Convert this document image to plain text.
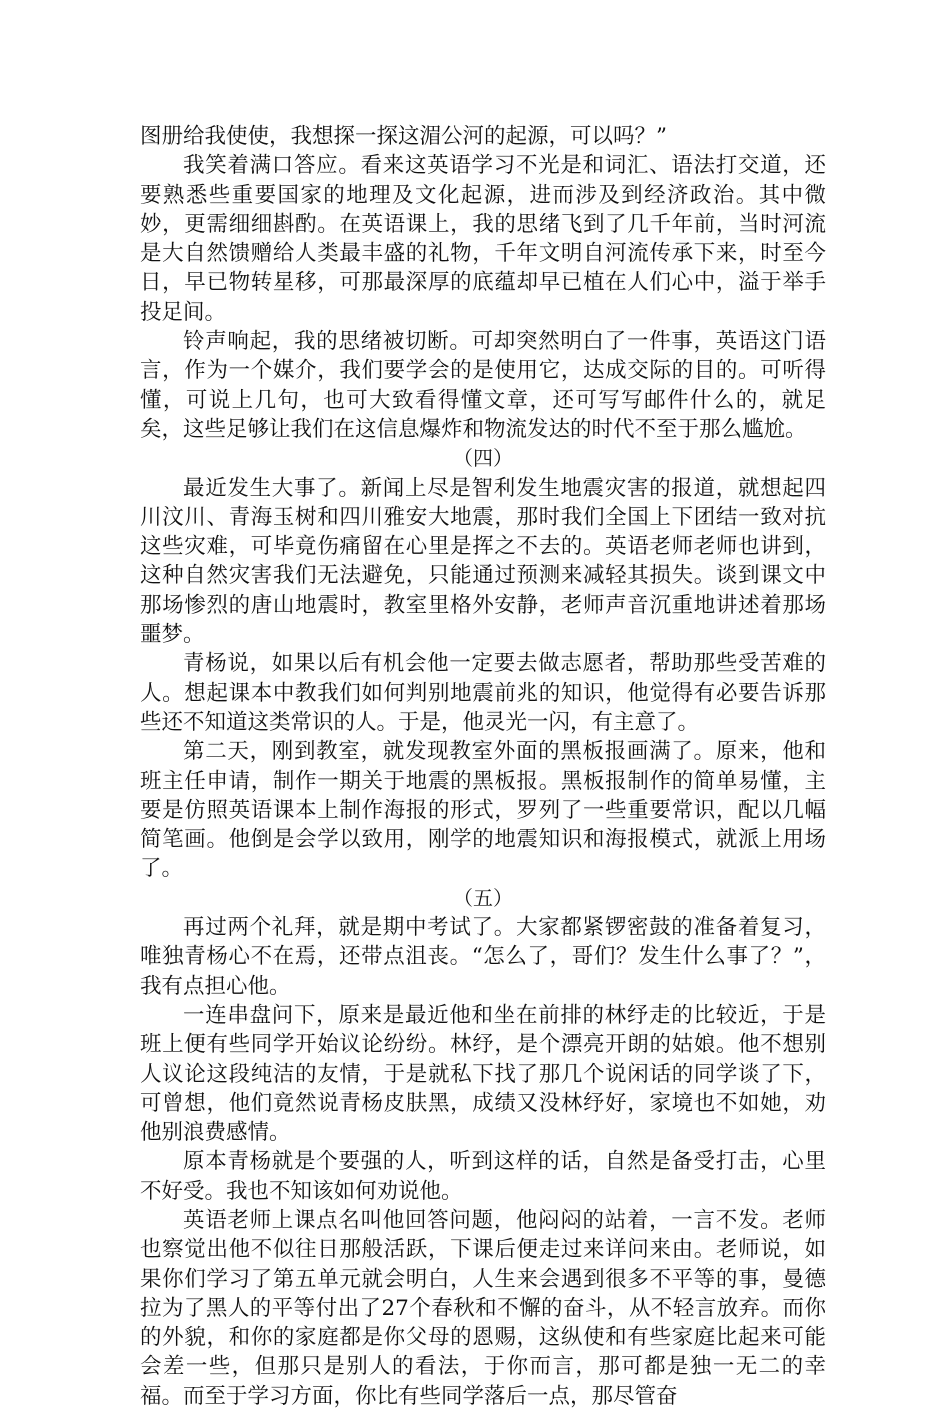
图册给我使使，我想探一探这湄公河的起源，可以吗？”

我笑着满口答应。看来这英语学习不光是和词汇、语法打交道，还要熟悉些重要国家的地理及文化起源，进而涉及到经济政治。其中微妙，更需细细斟酌。在英语课上，我的思绪飞到了几千年前，当时河流是大自然馈赠给人类最丰盛的礼物，千年文明自河流传承下来，时至今日，早已物转星移，可那最深厚的底蕴却早已植在人们心中，溢于举手投足间。

铃声响起，我的思绪被切断。可却突然明白了一件事，英语这门语言，作为一个媒介，我们要学会的是使用它，达成交际的目的。可听得懂，可说上几句，也可大致看得懂文章，还可写写邮件什么的，就足矣，这些足够让我们在这信息爆炸和物流发达的时代不至于那么尴尬。

（四）

最近发生大事了。新闻上尽是智利发生地震灾害的报道，就想起四川汶川、青海玉树和四川雅安大地震，那时我们全国上下团结一致对抗这些灾难，可毕竟伤痛留在心里是挥之不去的。英语老师老师也讲到，这种自然灾害我们无法避免，只能通过预测来减轻其损失。谈到课文中那场惨烈的唐山地震时，教室里格外安静，老师声音沉重地讲述着那场噩梦。

青杨说，如果以后有机会他一定要去做志愿者，帮助那些受苦难的人。想起课本中教我们如何判别地震前兆的知识，他觉得有必要告诉那些还不知道这类常识的人。于是，他灵光一闪，有主意了。

第二天，刚到教室，就发现教室外面的黑板报画满了。原来，他和班主任申请，制作一期关于地震的黑板报。黑板报制作的简单易懂，主要是仿照英语课本上制作海报的形式，罗列了一些重要常识，配以几幅简笔画。他倒是会学以致用，刚学的地震知识和海报模式，就派上用场了。

（五）

再过两个礼拜，就是期中考试了。大家都紧锣密鼓的准备着复习，唯独青杨心不在焉，还带点沮丧。“怎么了，哥们？发生什么事了？”，我有点担心他。

一连串盘问下，原来是最近他和坐在前排的林纾走的比较近，于是班上便有些同学开始议论纷纷。林纾，是个漂亮开朗的姑娘。他不想别人议论这段纯洁的友情，于是就私下找了那几个说闲话的同学谈了下，可曾想，他们竟然说青杨皮肤黑，成绩又没林纾好，家境也不如她，劝他别浪费感情。

原本青杨就是个要强的人，听到这样的话，自然是备受打击，心里不好受。我也不知该如何劝说他。

英语老师上课点名叫他回答问题，他闷闷的站着，一言不发。老师也察觉出他不似往日那般活跃，下课后便走过来详问来由。老师说，如果你们学习了第五单元就会明白，人生来会遇到很多不平等的事，曼德拉为了黑人的平等付出了27个春秋和不懈的奋斗，从不轻言放弃。而你的外貌，和你的家庭都是你父母的恩赐，这纵使和有些家庭比起来可能会差一些，但那只是别人的看法，于你而言，那可都是独一无二的幸福。而至于学习方面，你比有些同学落后一点，那尽管奋
